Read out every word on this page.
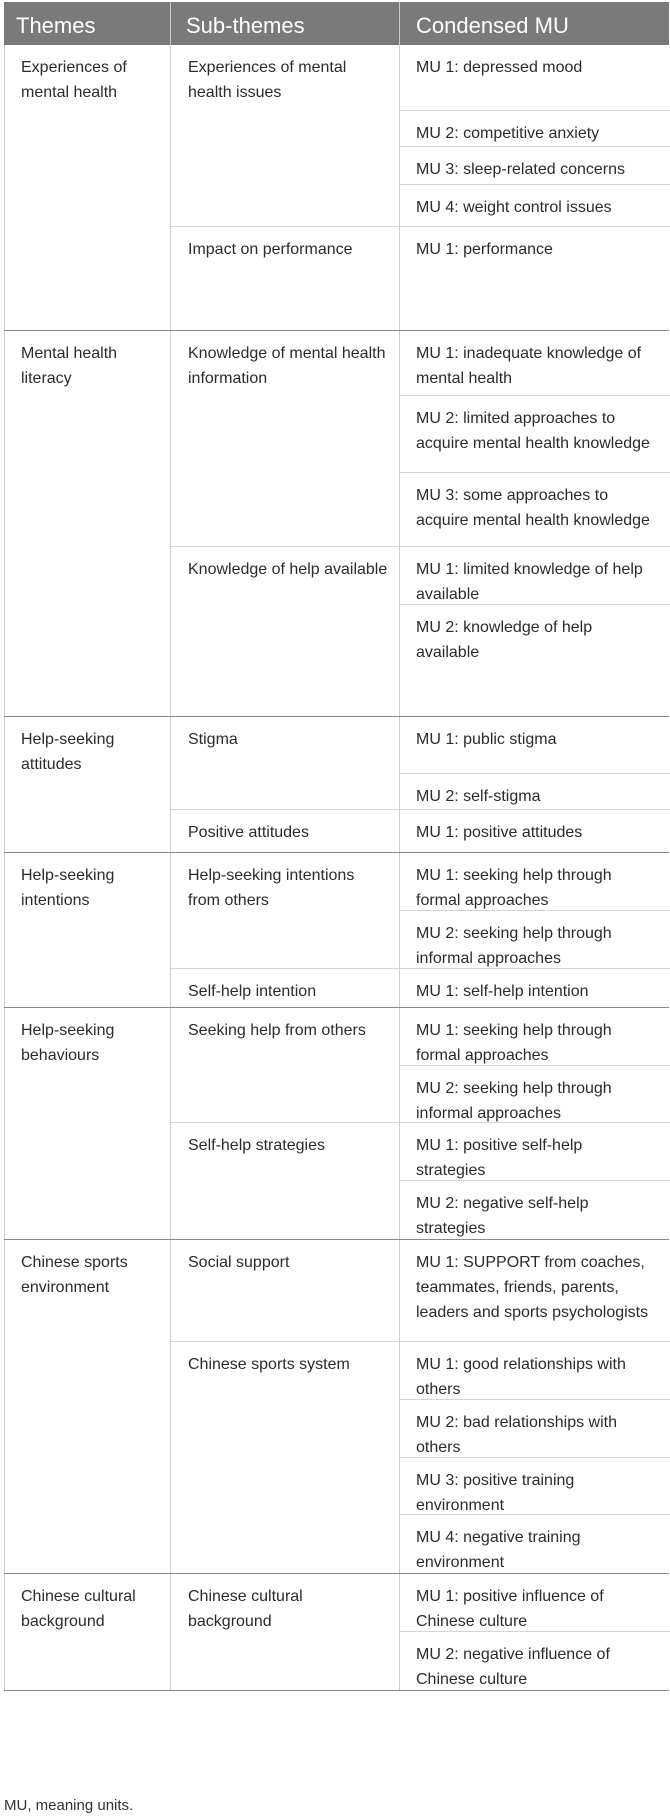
Themes	Sub-themes	Condensed MU
Experiences of mental health
Experiences of mental health issues
Impact on performance
MU 1: depressed mood
MU 2: competitive anxiety
MU 3: sleep-related concerns
MU 4: weight control issues
MU 1: performance
Mental health literacy
Knowledge of mental health information
Knowledge of help available
MU 1: inadequate knowledge of mental health
MU 2: limited approaches to acquire mental health knowledge
MU 3: some approaches to acquire mental health knowledge
MU 1: limited knowledge of help available
MU 2: knowledge of help available
Help-seeking attitudes
Stigma
Positive attitudes
MU 1: public stigma
MU 2: self-stigma
MU 1: positive attitudes
Help-seeking intentions
Help-seeking intentions from others
Self-help intention
MU 1: seeking help through formal approaches
MU 2: seeking help through informal approaches
MU 1: self-help intention
Help-seeking behaviours
Seeking help from others
Self-help strategies
MU 1: seeking help through formal approaches
MU 2: seeking help through informal approaches
MU 1: positive self-help strategies
MU 2: negative self-help strategies
Chinese sports environment
Social support
Chinese sports system
MU 1: SUPPORT from coaches, teammates, friends, parents, leaders and sports psychologists
MU 1: good relationships with others
MU 2: bad relationships with others
MU 3: positive training environment
MU 4: negative training environment
Chinese cultural background
Chinese cultural background
MU 1: positive influence of Chinese culture
MU 2: negative influence of Chinese culture
MU, meaning units.
